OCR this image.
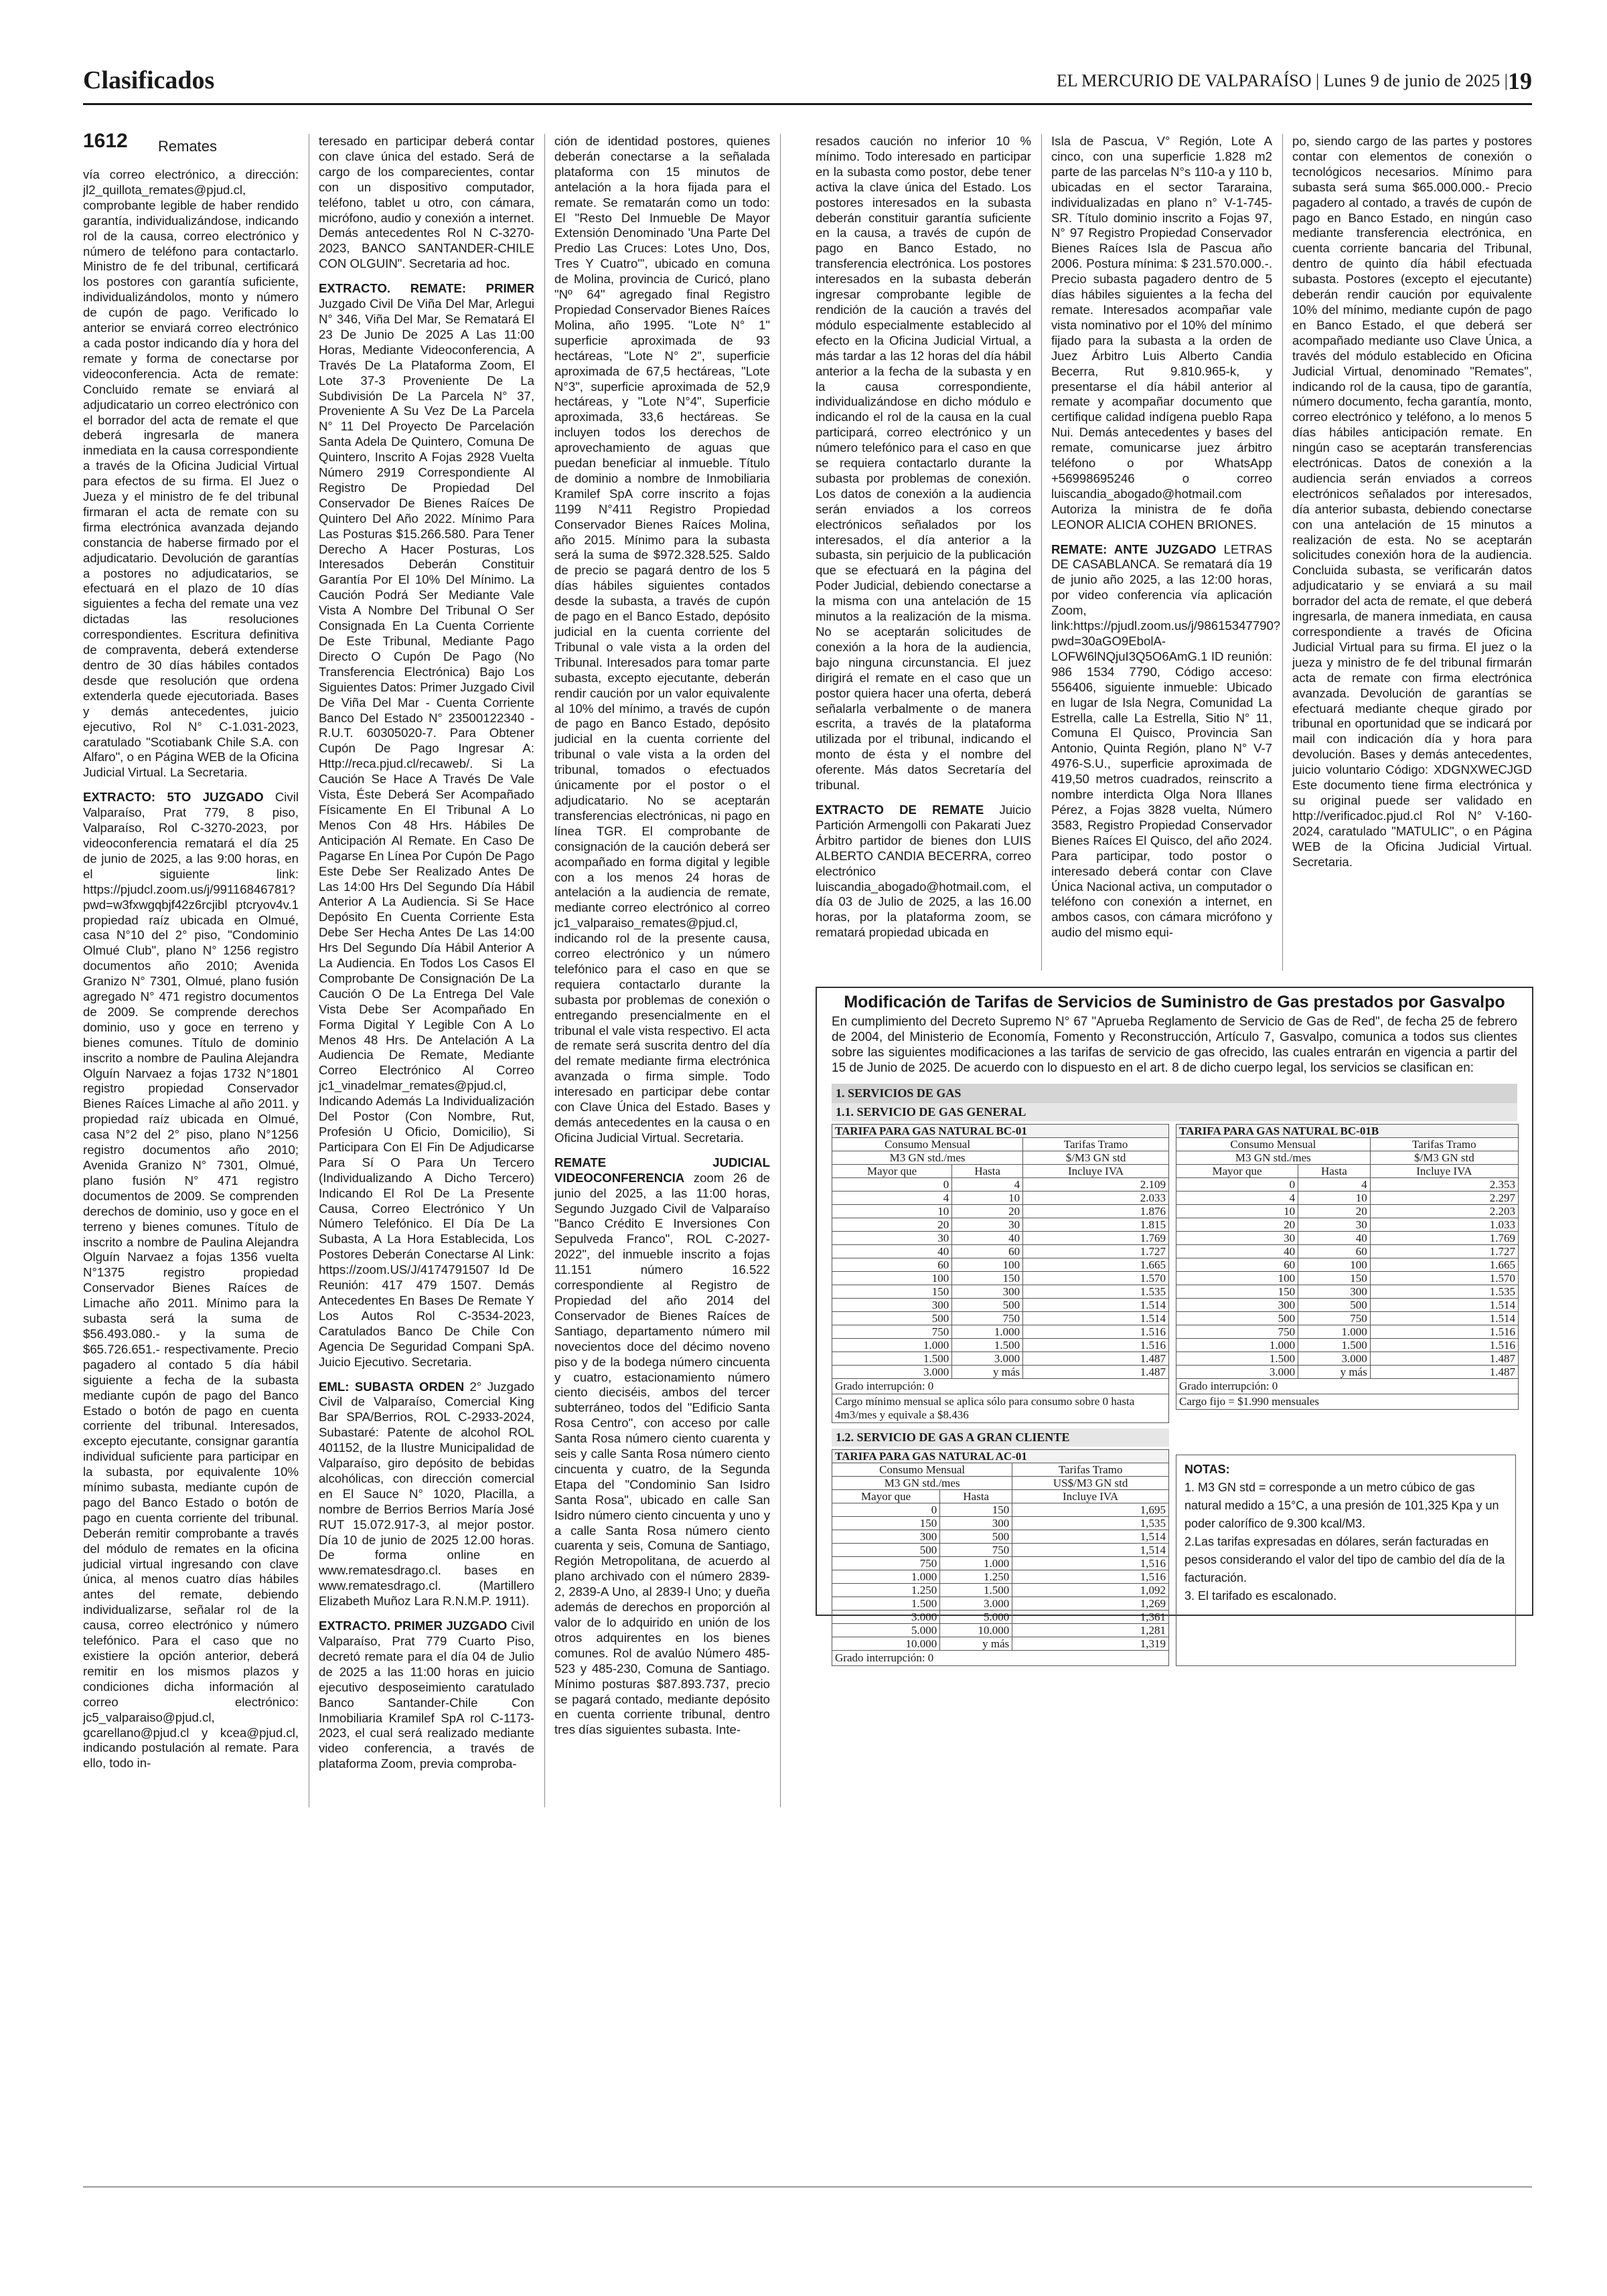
Clasificados	EL MERCURIO DE VALPARAÍSO | Lunes 9 de junio de 2025 | 19
1612 Remates

vía correo electrónico, a dirección: jl2_quillota_remates@pjud.cl, comprobante legible de haber rendido garantía, individualizándose, indicando rol de la causa, correo electrónico y número de teléfono para contactarlo. Ministro de fe del tribunal, certificará los postores con garantía suficiente, individualizándolos, monto y número de cupón de pago. Verificado lo anterior se enviará correo electrónico a cada postor indicando día y hora del remate y forma de conectarse por videoconferencia. Acta de remate: Concluido remate se enviará al adjudicatario un correo electrónico con el borrador del acta de remate el que deberá ingresarla de manera inmediata en la causa correspondiente a través de la Oficina Judicial Virtual para efectos de su firma. El Juez o Jueza y el ministro de fe del tribunal firmaran el acta de remate con su firma electrónica avanzada dejando constancia de haberse firmado por el adjudicatario. Devolución de garantías a postores no adjudicatarios, se efectuará en el plazo de 10 días siguientes a fecha del remate una vez dictadas las resoluciones correspondientes. Escritura definitiva de compraventa, deberá extenderse dentro de 30 días hábiles contados desde que resolución que ordena extenderla quede ejecutoriada. Bases y demás antecedentes, juicio ejecutivo, Rol N° C-1.031-2023, caratulado "Scotiabank Chile S.A. con Alfaro", o en Página WEB de la Oficina Judicial Virtual. La Secretaria.

EXTRACTO: 5TO JUZGADO Civil Valparaíso, Prat 779, 8 piso, Valparaíso, Rol C-3270-2023, por videoconferencia rematará el día 25 de junio de 2025, a las 9:00 horas, en el siguiente link: https://pjudcl.zoom.us/j/99116846781?pwd=w3fxwgqbjf42z6rcjibl ptcryov4v.1 propiedad raíz ubicada en Olmué, casa N°10 del 2° piso, "Condominio Olmué Club", plano N° 1256 registro documentos año 2010; Avenida Granizo N° 7301, Olmué, plano fusión agregado N° 471 registro documentos de 2009. Se comprende derechos dominio, uso y goce en terreno y bienes comunes. Título de dominio inscrito a nombre de Paulina Alejandra Olguín Narvaez a fojas 1732 N°1801 registro propiedad Conservador Bienes Raíces Limache al año 2011. y propiedad raíz ubicada en Olmué, casa N°2 del 2° piso, plano N°1256 registro documentos año 2010; Avenida Granizo N° 7301, Olmué, plano fusión N° 471 registro documentos de 2009. Se comprenden derechos de dominio, uso y goce en el terreno y bienes comunes. Título de inscrito a nombre de Paulina Alejandra Olguín Narvaez a fojas 1356 vuelta N°1375 registro propiedad Conservador Bienes Raíces de Limache año 2011. Mínimo para la subasta será la suma de $56.493.080.- y la suma de $65.726.651.- respectivamente. Precio pagadero al contado 5 día hábil siguiente a fecha de la subasta mediante cupón de pago del Banco Estado o botón de pago en cuenta corriente del tribunal. Interesados, excepto ejecutante, consignar garantía individual suficiente para participar en la subasta, por equivalente 10% mínimo subasta, mediante cupón de pago del Banco Estado o botón de pago en cuenta corriente del tribunal. Deberán remitir comprobante a través del módulo de remates en la oficina judicial virtual ingresando con clave única, al menos cuatro días hábiles antes del remate, debiendo individualizarse, señalar rol de la causa, correo electrónico y número telefónico. Para el caso que no existiere la opción anterior, deberá remitir en los mismos plazos y condiciones dicha información al correo electrónico: jc5_valparaiso@pjud.cl, gcarellano@pjud.cl y kcea@pjud.cl, indicando postulación al remate. Para ello, todo in-

teresado en participar deberá contar con clave única del estado. Será de cargo de los comparecientes, contar con un dispositivo computador, teléfono, tablet u otro, con cámara, micrófono, audio y conexión a internet. Demás antecedentes Rol N C-3270-2023, BANCO SANTANDER-CHILE CON OLGUIN". Secretaria ad hoc.

EXTRACTO. REMATE: PRIMER Juzgado Civil De Viña Del Mar, Arlegui N° 346, Viña Del Mar, Se Rematará El 23 De Junio De 2025 A Las 11:00 Horas, Mediante Videoconferencia, A Través De La Plataforma Zoom, El Lote 37-3 Proveniente De La Subdivisión De La Parcela N° 37, Proveniente A Su Vez De La Parcela N° 11 Del Proyecto De Parcelación Santa Adela De Quintero, Comuna De Quintero, Inscrito A Fojas 2928 Vuelta Número 2919 Correspondiente Al Registro De Propiedad Del Conservador De Bienes Raíces De Quintero Del Año 2022. Mínimo Para Las Posturas $15.266.580. Para Tener Derecho A Hacer Posturas, Los Interesados Deberán Constituir Garantía Por El 10% Del Mínimo. La Caución Podrá Ser Mediante Vale Vista A Nombre Del Tribunal O Ser Consignada En La Cuenta Corriente De Este Tribunal, Mediante Pago Directo O Cupón De Pago (No Transferencia Electrónica) Bajo Los Siguientes Datos: Primer Juzgado Civil De Viña Del Mar - Cuenta Corriente Banco Del Estado N° 23500122340 - R.U.T. 60305020-7. Para Obtener Cupón De Pago Ingresar A: Http://reca.pjud.cl/recaweb/. Si La Caución Se Hace A Través De Vale Vista, Éste Deberá Ser Acompañado Físicamente En El Tribunal A Lo Menos Con 48 Hrs. Hábiles De Anticipación Al Remate. En Caso De Pagarse En Línea Por Cupón De Pago Este Debe Ser Realizado Antes De Las 14:00 Hrs Del Segundo Día Hábil Anterior A La Audiencia. Si Se Hace Depósito En Cuenta Corriente Esta Debe Ser Hecha Antes De Las 14:00 Hrs Del Segundo Día Hábil Anterior A La Audiencia. En Todos Los Casos El Comprobante De Consignación De La Caución O De La Entrega Del Vale Vista Debe Ser Acompañado En Forma Digital Y Legible Con A Lo Menos 48 Hrs. De Antelación A La Audiencia De Remate, Mediante Correo Electrónico Al Correo jc1_vinadelmar_remates@pjud.cl, Indicando Además La Individualización Del Postor (Con Nombre, Rut, Profesión U Oficio, Domicilio), Si Participara Con El Fin De Adjudicarse Para Sí O Para Un Tercero (Individualizando A Dicho Tercero) Indicando El Rol De La Presente Causa, Correo Electrónico Y Un Número Telefónico. El Día De La Subasta, A La Hora Establecida, Los Postores Deberán Conectarse Al Link: https://zoom.US/J/4174791507 Id De Reunión: 417 479 1507. Demás Antecedentes En Bases De Remate Y Los Autos Rol C-3534-2023, Caratulados Banco De Chile Con Agencia De Seguridad Compani SpA. Juicio Ejecutivo. Secretaria.

EML: SUBASTA ORDEN 2° Juzgado Civil de Valparaíso, Comercial King Bar SPA/Berrios, ROL C-2933-2024, Subastaré: Patente de alcohol ROL 401152, de la Ilustre Municipalidad de Valparaíso, giro depósito de bebidas alcohólicas, con dirección comercial en El Sauce N° 1020, Placilla, a nombre de Berrios Berrios María José RUT 15.072.917-3, al mejor postor. Día 10 de junio de 2025 12.00 horas. De forma online en www.rematesdrago.cl. bases en www.rematesdrago.cl. (Martillero Elizabeth Muñoz Lara R.N.M.P. 1911).

EXTRACTO. PRIMER JUZGADO Civil Valparaíso, Prat 779 Cuarto Piso, decretó remate para el día 04 de Julio de 2025 a las 11:00 horas en juicio ejecutivo desposeimiento caratulado Banco Santander-Chile Con Inmobiliaria Kramilef SpA rol C-1173-2023, el cual será realizado mediante video conferencia, a través de plataforma Zoom, previa comproba-

ción de identidad postores, quienes deberán conectarse a la señalada plataforma con 15 minutos de antelación a la hora fijada para el remate. Se rematarán como un todo: El "Resto Del Inmueble De Mayor Extensión Denominado 'Una Parte Del Predio Las Cruces: Lotes Uno, Dos, Tres Y Cuatro'", ubicado en comuna de Molina, provincia de Curicó, plano "Nº 64" agregado final Registro Propiedad Conservador Bienes Raíces Molina, año 1995. "Lote N° 1" superficie aproximada de 93 hectáreas, "Lote N° 2", superficie aproximada de 67,5 hectáreas, "Lote N°3", superficie aproximada de 52,9 hectáreas, y "Lote N°4", Superficie aproximada, 33,6 hectáreas. Se incluyen todos los derechos de aprovechamiento de aguas que puedan beneficiar al inmueble. Título de dominio a nombre de Inmobiliaria Kramilef SpA corre inscrito a fojas 1199 N°411 Registro Propiedad Conservador Bienes Raíces Molina, año 2015. Mínimo para la subasta será la suma de $972.328.525. Saldo de precio se pagará dentro de los 5 días hábiles siguientes contados desde la subasta, a través de cupón de pago en el Banco Estado, depósito judicial en la cuenta corriente del Tribunal o vale vista a la orden del Tribunal. Interesados para tomar parte subasta, excepto ejecutante, deberán rendir caución por un valor equivalente al 10% del mínimo, a través de cupón de pago en Banco Estado, depósito judicial en la cuenta corriente del tribunal o vale vista a la orden del tribunal, tomados o efectuados únicamente por el postor o el adjudicatario. No se aceptarán transferencias electrónicas, ni pago en línea TGR. El comprobante de consignación de la caución deberá ser acompañado en forma digital y legible con a los menos 24 horas de antelación a la audiencia de remate, mediante correo electrónico al correo jc1_valparaiso_remates@pjud.cl, indicando rol de la presente causa, correo electrónico y un número telefónico para el caso en que se requiera contactarlo durante la subasta por problemas de conexión o entregando presencialmente en el tribunal el vale vista respectivo. El acta de remate será suscrita dentro del día del remate mediante firma electrónica avanzada o firma simple. Todo interesado en participar debe contar con Clave Única del Estado. Bases y demás antecedentes en la causa o en Oficina Judicial Virtual. Secretaria.

REMATE JUDICIAL VIDEOCONFERENCIA zoom 26 de junio del 2025, a las 11:00 horas, Segundo Juzgado Civil de Valparaíso "Banco Crédito E Inversiones Con Sepulveda Franco", ROL C-2027-2022", del inmueble inscrito a fojas 11.151 número 16.522 correspondiente al Registro de Propiedad del año 2014 del Conservador de Bienes Raíces de Santiago, departamento número mil novecientos doce del décimo noveno piso y de la bodega número cincuenta y cuatro, estacionamiento número ciento dieciséis, ambos del tercer subterráneo, todos del "Edificio Santa Rosa Centro", con acceso por calle Santa Rosa número ciento cuarenta y seis y calle Santa Rosa número ciento cincuenta y cuatro, de la Segunda Etapa del "Condominio San Isidro Santa Rosa", ubicado en calle San Isidro número ciento cincuenta y uno y a calle Santa Rosa número ciento cuarenta y seis, Comuna de Santiago, Región Metropolitana, de acuerdo al plano archivado con el número 2839-2, 2839-A Uno, al 2839-I Uno; y dueña además de derechos en proporción al valor de lo adquirido en unión de los otros adquirentes en los bienes comunes. Rol de avalúo Número 485-523 y 485-230, Comuna de Santiago. Mínimo posturas $87.893.737, precio se pagará contado, mediante depósito en cuenta corriente tribunal, dentro tres días siguientes subasta. Inte-

resados caución no inferior 10 % mínimo. Todo interesado en participar en la subasta como postor, debe tener activa la clave única del Estado. Los postores interesados en la subasta deberán constituir garantía suficiente en la causa, a través de cupón de pago en Banco Estado, no transferencia electrónica. Los postores interesados en la subasta deberán ingresar comprobante legible de rendición de la caución a través del módulo especialmente establecido al efecto en la Oficina Judicial Virtual, a más tardar a las 12 horas del día hábil anterior a la fecha de la subasta y en la causa correspondiente, individualizándose en dicho módulo e indicando el rol de la causa en la cual participará, correo electrónico y un número telefónico para el caso en que se requiera contactarlo durante la subasta por problemas de conexión. Los datos de conexión a la audiencia serán enviados a los correos electrónicos señalados por los interesados, el día anterior a la subasta, sin perjuicio de la publicación que se efectuará en la página del Poder Judicial, debiendo conectarse a la misma con una antelación de 15 minutos a la realización de la misma. No se aceptarán solicitudes de conexión a la hora de la audiencia, bajo ninguna circunstancia. El juez dirigirá el remate en el caso que un postor quiera hacer una oferta, deberá señalarla verbalmente o de manera escrita, a través de la plataforma utilizada por el tribunal, indicando el monto de ésta y el nombre del oferente. Más datos Secretaría del tribunal.

EXTRACTO DE REMATE Juicio Partición Armengolli con Pakarati Juez Árbitro partidor de bienes don LUIS ALBERTO CANDIA BECERRA, correo electrónico luiscandia_abogado@hotmail.com, el día 03 de Julio de 2025, a las 16.00 horas, por la plataforma zoom, se rematará propiedad ubicada en

Isla de Pascua, V° Región, Lote A cinco, con una superficie 1.828 m2 parte de las parcelas N°s 110-a y 110 b, ubicadas en el sector Tararaina, individualizadas en plano n° V-1-745- SR. Título dominio inscrito a Fojas 97, N° 97 Registro Propiedad Conservador Bienes Raíces Isla de Pascua año 2006. Postura mínima: $ 231.570.000.-. Precio subasta pagadero dentro de 5 días hábiles siguientes a la fecha del remate. Interesados acompañar vale vista nominativo por el 10% del mínimo fijado para la subasta a la orden de Juez Árbitro Luis Alberto Candia Becerra, Rut 9.810.965-k, y presentarse el día hábil anterior al remate y acompañar documento que certifique calidad indígena pueblo Rapa Nui. Demás antecedentes y bases del remate, comunicarse juez árbitro teléfono o por WhatsApp +56998695246 o correo luiscandia_abogado@hotmail.com Autoriza la ministra de fe doña LEONOR ALICIA COHEN BRIONES.

REMATE: ANTE JUZGADO LETRAS DE CASABLANCA. Se rematará día 19 de junio año 2025, a las 12:00 horas, por video conferencia vía aplicación Zoom, link:https://pjudl.zoom.us/j/98615347790?pwd=30aGO9EbolA-LOFW6lNQjuI3Q5O6AmG.1 ID reunión: 986 1534 7790, Código acceso: 556406, siguiente inmueble: Ubicado en lugar de Isla Negra, Comunidad La Estrella, calle La Estrella, Sitio N° 11, Comuna El Quisco, Provincia San Antonio, Quinta Región, plano N° V-7 4976-S.U., superficie aproximada de 419,50 metros cuadrados, reinscrito a nombre interdicta Olga Nora Illanes Pérez, a Fojas 3828 vuelta, Número 3583, Registro Propiedad Conservador Bienes Raíces El Quisco, del año 2024. Para participar, todo postor o interesado deberá contar con Clave Única Nacional activa, un computador o teléfono con conexión a internet, en ambos casos, con cámara micrófono y audio del mismo equi-

po, siendo cargo de las partes y postores contar con elementos de conexión o tecnológicos necesarios. Mínimo para subasta será suma $65.000.000.- Precio pagadero al contado, a través de cupón de pago en Banco Estado, en ningún caso mediante transferencia electrónica, en cuenta corriente bancaria del Tribunal, dentro de quinto día hábil efectuada subasta. Postores (excepto el ejecutante) deberán rendir caución por equivalente 10% del mínimo, mediante cupón de pago en Banco Estado, el que deberá ser acompañado mediante uso Clave Única, a través del módulo establecido en Oficina Judicial Virtual, denominado "Remates", indicando rol de la causa, tipo de garantía, número documento, fecha garantía, monto, correo electrónico y teléfono, a lo menos 5 días hábiles anticipación remate. En ningún caso se aceptarán transferencias electrónicas. Datos de conexión a la audiencia serán enviados a correos electrónicos señalados por interesados, día anterior subasta, debiendo conectarse con una antelación de 15 minutos a realización de esta. No se aceptarán solicitudes conexión hora de la audiencia. Concluida subasta, se verificarán datos adjudicatario y se enviará a su mail borrador del acta de remate, el que deberá ingresarla, de manera inmediata, en causa correspondiente a través de Oficina Judicial Virtual para su firma. El juez o la jueza y ministro de fe del tribunal firmarán acta de remate con firma electrónica avanzada. Devolución de garantías se efectuará mediante cheque girado por tribunal en oportunidad que se indicará por mail con indicación día y hora para devolución. Bases y demás antecedentes, juicio voluntario Código: XDGNXWECJGD Este documento tiene firma electrónica y su original puede ser validado en http://verificadoc.pjud.cl Rol N° V-160-2024, caratulado "MATULIC", o en Página WEB de la Oficina Judicial Virtual. Secretaria.

Modificación de Tarifas de Servicios de Suministro de Gas prestados por Gasvalpo
En cumplimiento del Decreto Supremo N° 67 "Aprueba Reglamento de Servicio de Gas de Red", de fecha 25 de febrero de 2004, del Ministerio de Economía, Fomento y Reconstrucción, Artículo 7, Gasvalpo, comunica a todos sus clientes sobre las siguientes modificaciones a las tarifas de servicio de gas ofrecido, las cuales entrarán en vigencia a partir del 15 de Junio de 2025. De acuerdo con lo dispuesto en el art. 8 de dicho cuerpo legal, los servicios se clasifican en:
1. SERVICIOS DE GAS
1.1. SERVICIO DE GAS GENERAL
TARIFA PARA GAS NATURAL BC-01		
Consumo Mensual		Tarifas Tramo
M3 GN std./mes		$/M3 GN std
Mayor que	Hasta	Incluye IVA
0	4	2.109
4	10	2.033
10	20	1.876
20	30	1.815
30	40	1.769
40	60	1.727
60	100	1.665
100	150	1.570
150	300	1.535
300	500	1.514
500	750	1.514
750	1.000	1.516
1.000	1.500	1.516
1.500	3.000	1.487
3.000	y más	1.487
Grado interrupción: 0
Cargo mínimo mensual se aplica sólo para consumo sobre 0 hasta 4m3/mes y equivale a $8.436
TARIFA PARA GAS NATURAL BC-01B		
Consumo Mensual		Tarifas Tramo
M3 GN std./mes		$/M3 GN std
Mayor que	Hasta	Incluye IVA
0	4	2.353
4	10	2.297
10	20	2.203
20	30	1.033
30	40	1.769
40	60	1.727
60	100	1.665
100	150	1.570
150	300	1.535
300	500	1.514
500	750	1.514
750	1.000	1.516
1.000	1.500	1.516
1.500	3.000	1.487
3.000	y más	1.487
Grado interrupción: 0
Cargo fijo = $1.990 mensuales
1.2. SERVICIO DE GAS A GRAN CLIENTE
TARIFA PARA GAS NATURAL AC-01		
Consumo Mensual		Tarifas Tramo
M3 GN std./mes		US$/M3 GN std
Mayor que	Hasta	Incluye IVA
0	150	1,695
150	300	1,535
300	500	1,514
500	750	1,514
750	1.000	1,516
1.000	1.250	1,516
1.250	1.500	1,092
1.500	3.000	1,269
3.000	5.000	1,361
5.000	10.000	1,281
10.000	y más	1,319
Grado interrupción: 0
NOTAS:
1. M3 GN std = corresponde a un metro cúbico de gas natural medido a 15°C, a una presión de 101,325 Kpa y un poder calorífico de 9.300 kcal/M3.
2.Las tarifas expresadas en dólares, serán facturadas en pesos considerando el valor del tipo de cambio del día de la facturación.
3. El tarifado es escalonado.
